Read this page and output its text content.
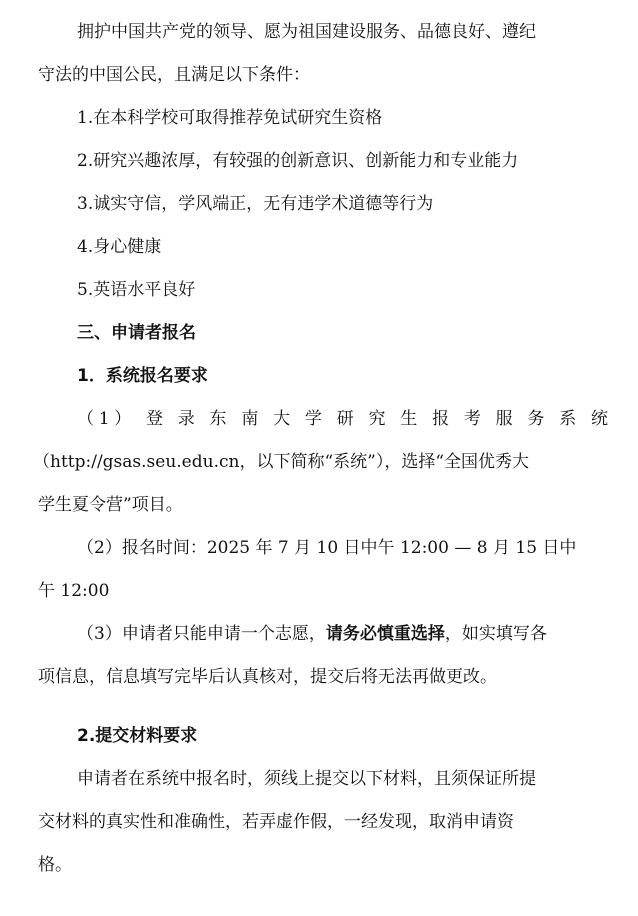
拥护中国共产党的领导、愿为祖国建设服务、品德良好、遵纪
守法的中国公民，且满足以下条件：
1.在本科学校可取得推荐免试研究生资格
2.研究兴趣浓厚，有较强的创新意识、创新能力和专业能力
3.诚实守信，学风端正，无有违学术道德等行为
4.身心健康
5.英语水平良好
三、申请者报名
1．系统报名要求
（1） 登 录 东 南 大 学 研 究 生 报 考 服 务 系 统
（http://gsas.seu.edu.cn，以下简称“系统”），选择“全国优秀大
学生夏令营”项目。
（2）报名时间：2025 年 7 月 10 日中午 12:00 — 8 月 15 日中
午 12:00
（3）申请者只能申请一个志愿，请务必慎重选择，如实填写各
项信息，信息填写完毕后认真核对，提交后将无法再做更改。
2.提交材料要求
申请者在系统中报名时，须线上提交以下材料，且须保证所提
交材料的真实性和准确性，若弄虚作假，一经发现，取消申请资
格。
